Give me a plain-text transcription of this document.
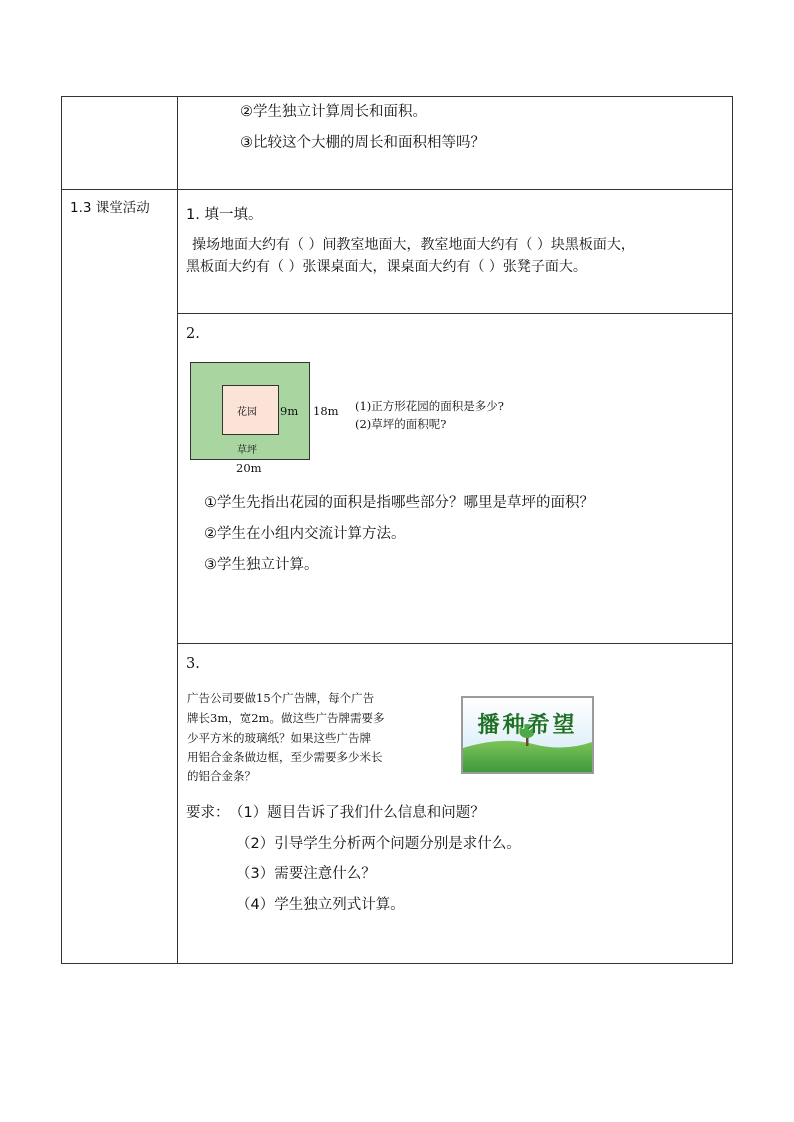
②学生独立计算周长和面积。
③比较这个大棚的周长和面积相等吗？
1.3 课堂活动 1. 填一填。
操场地面大约有（ ）间教室地面大，教室地面大约有（ ）块黑板面大，
黑板面大约有（ ）张课桌面大，课桌面大约有（ ）张凳子面大。
2.
花园 9m 18m
草坪
20m
(1)正方形花园的面积是多少?
(2)草坪的面积呢?
①学生先指出花园的面积是指哪些部分？哪里是草坪的面积？
②学生在小组内交流计算方法。
③学生独立计算。
3.
广告公司要做15个广告牌，每个广告
牌长3m，宽2m。做这些广告牌需要多
少平方米的玻璃纸？如果这些广告牌
用铝合金条做边框，至少需要多少米长
的铝合金条？
播种希望
要求： （1）题目告诉了我们什么信息和问题？
（2）引导学生分析两个问题分别是求什么。
（3）需要注意什么？
（4）学生独立列式计算。
